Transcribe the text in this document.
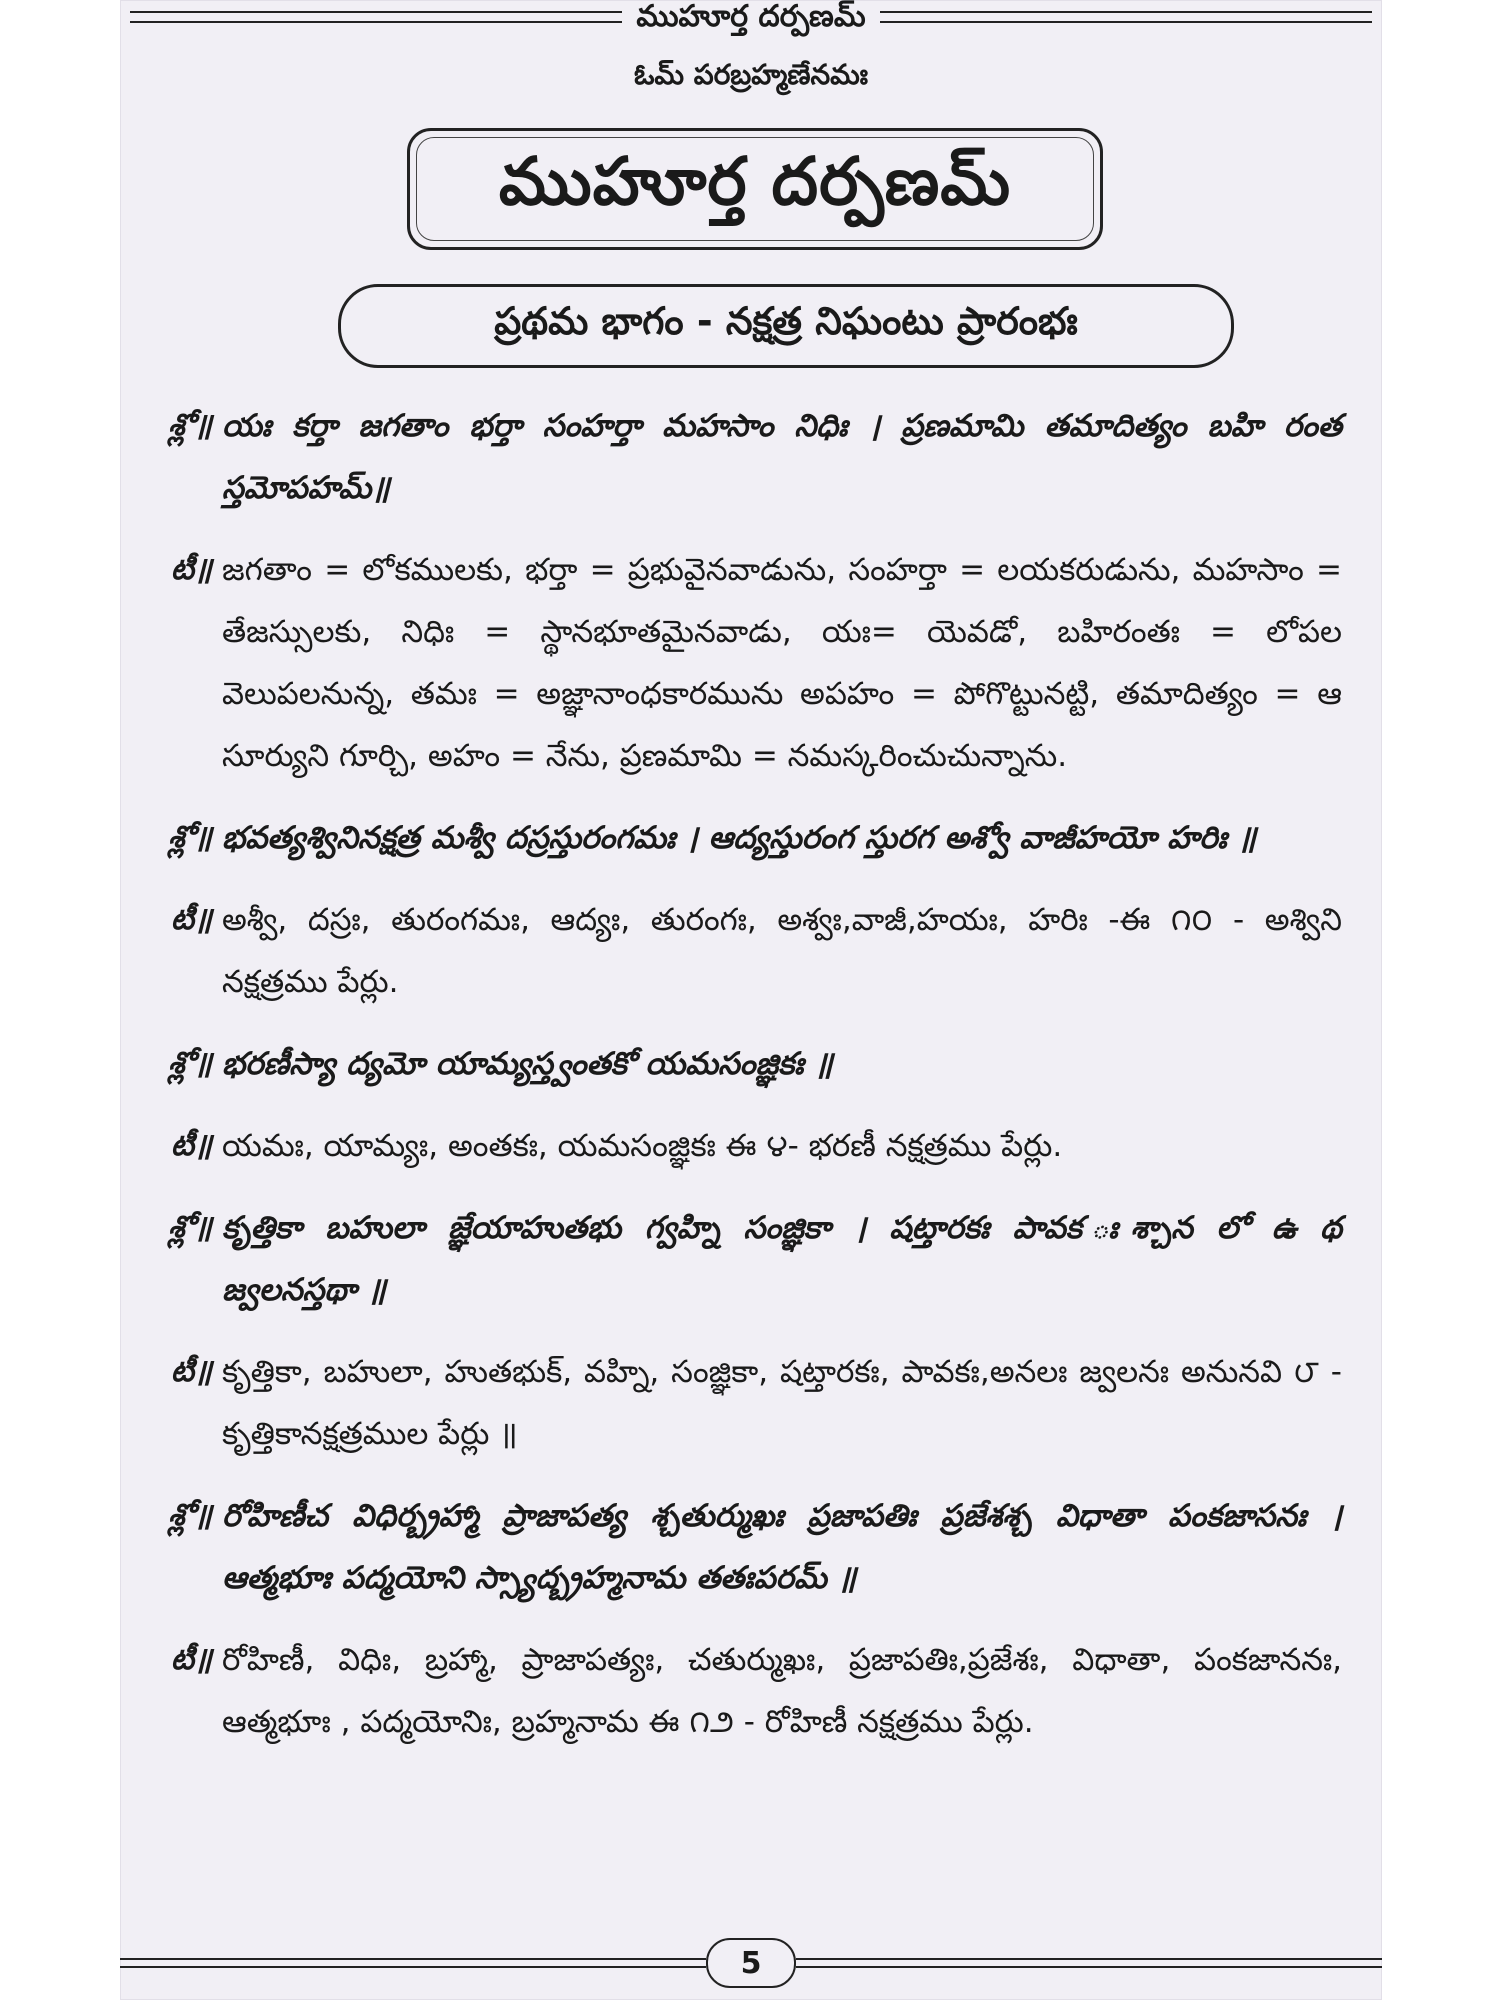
ముహూర్త దర్పణమ్
ఓమ్ పరబ్రహ్మణేనమః
ముహూర్త దర్పణమ్
ప్రథమ భాగం - నక్షత్ర నిఘంటు ప్రారంభః
శ్లో॥ యః కర్తా జగతాం భర్తా సంహర్తా మహసాం నిధిః । ప్రణమామి తమాదిత్యం బహి రంత స్తమోపహమ్॥
టీ॥ జగతాం = లోకములకు, భర్తా = ప్రభువైనవాడును, సంహర్తా = లయకరుడును, మహసాం = తేజస్సులకు, నిధిః = స్థానభూతమైనవాడు, యః= యెవడో, బహిరంతః = లోపల వెలుపలనున్న, తమః = అజ్ఞానాంధకారమును అపహం = పోగొట్టునట్టి, తమాదిత్యం = ఆ సూర్యుని గూర్చి, అహం = నేను, ప్రణమామి = నమస్కరించుచున్నాను.
శ్లో॥ భవత్యశ్వినినక్షత్ర మశ్వీ దస్రస్తురంగమః । ఆద్యస్తురంగ స్తురగ అశ్వో వాజీహయో హరిః ॥
టీ॥ అశ్వీ, దస్రః, తురంగమః, ఆద్యః, తురంగః, అశ్వః,వాజీ,హయః, హరిః -ఈ ౧౦ - అశ్విని నక్షత్రము పేర్లు.
శ్లో॥ భరణీస్యా ద్యమో యామ్యస్త్వంతకో యమసంజ్ఞికః ॥
టీ॥ యమః, యామ్యః, అంతకః, యమసంజ్ఞికః ఈ ౪- భరణీ నక్షత్రము పేర్లు.
శ్లో॥ కృత్తికా బహులా జ్ఞేయాహుతభు గ్వహ్ని సంజ్ఞికా । షట్తారకః పావక ఃశ్చాన లో ఉ థ జ్వలనస్తథా ॥
టీ॥ కృత్తికా, బహులా, హుతభుక్, వహ్ని, సంజ్ఞికా, షట్తారకః, పావకః,అనలః జ్వలనః అనునవి ౮ - కృత్తికానక్షత్రముల పేర్లు ॥
శ్లో॥ రోహిణీచ విధిర్బ్రహ్మా ప్రాజాపత్య శ్చతుర్ముఖః ప్రజాపతిః ప్రజేశశ్చ విధాతా పంకజాసనః । ఆత్మభూః పద్మయోని స్స్యాద్బ్రహ్మనామ తతఃపరమ్ ॥
టీ॥ రోహిణీ, విధిః, బ్రహ్మా, ప్రాజాపత్యః, చతుర్ముఖః, ప్రజాపతిః,ప్రజేశః, విధాతా, పంకజాననః, ఆత్మభూః , పద్మయోనిః, బ్రహ్మనామ ఈ ౧౨ - రోహిణీ నక్షత్రము పేర్లు.
5
